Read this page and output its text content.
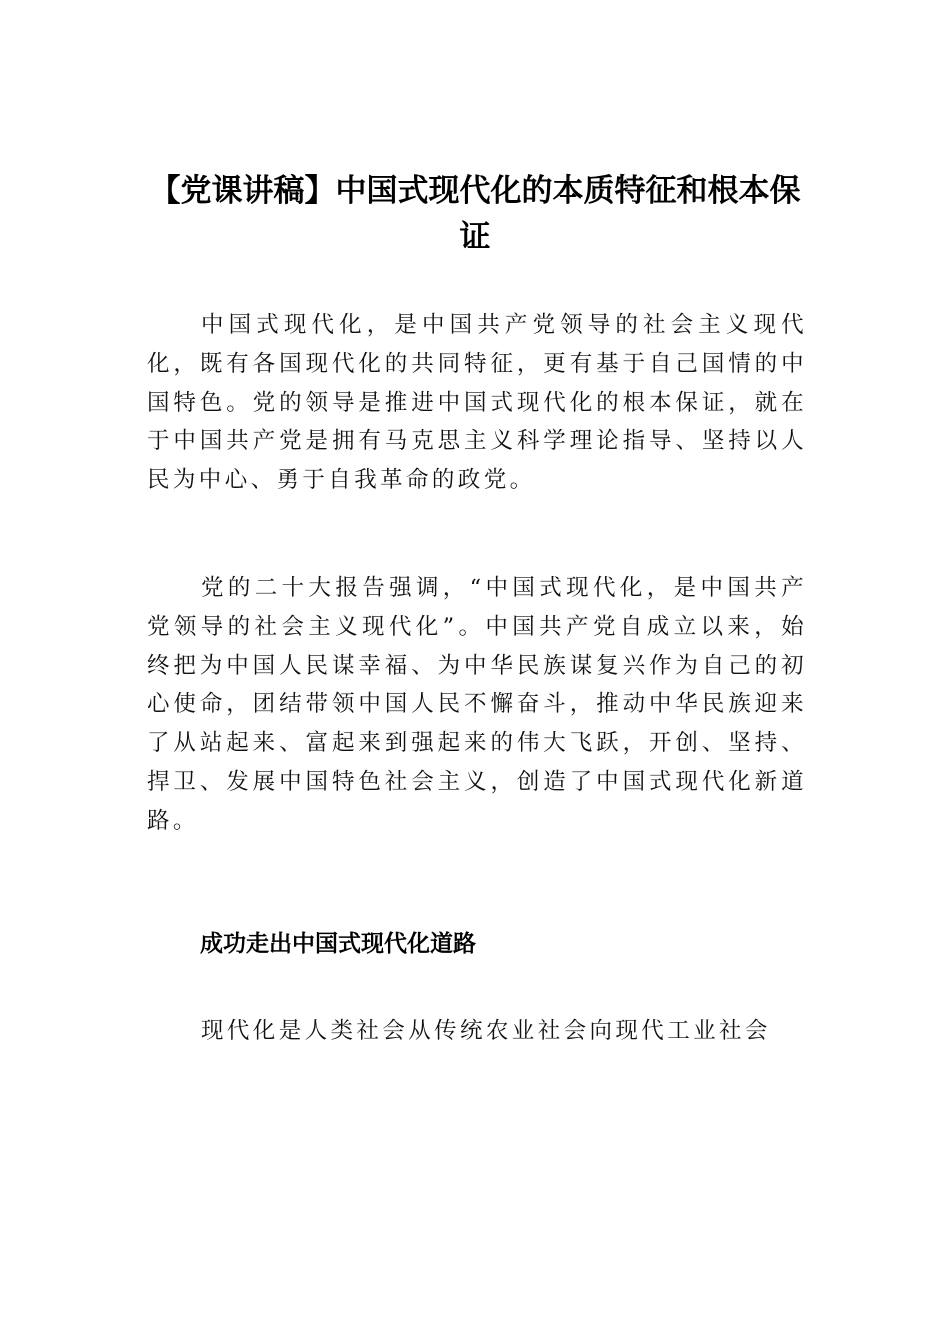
【党课讲稿】中国式现代化的本质特征和根本保证

中国式现代化，是中国共产党领导的社会主义现代化，既有各国现代化的共同特征，更有基于自己国情的中国特色。党的领导是推进中国式现代化的根本保证，就在于中国共产党是拥有马克思主义科学理论指导、坚持以人民为中心、勇于自我革命的政党。

党的二十大报告强调，“中国式现代化，是中国共产党领导的社会主义现代化”。中国共产党自成立以来，始终把为中国人民谋幸福、为中华民族谋复兴作为自己的初心使命，团结带领中国人民不懈奋斗，推动中华民族迎来了从站起来、富起来到强起来的伟大飞跃，开创、坚持、捍卫、发展中国特色社会主义，创造了中国式现代化新道路。

成功走出中国式现代化道路

现代化是人类社会从传统农业社会向现代工业社会
